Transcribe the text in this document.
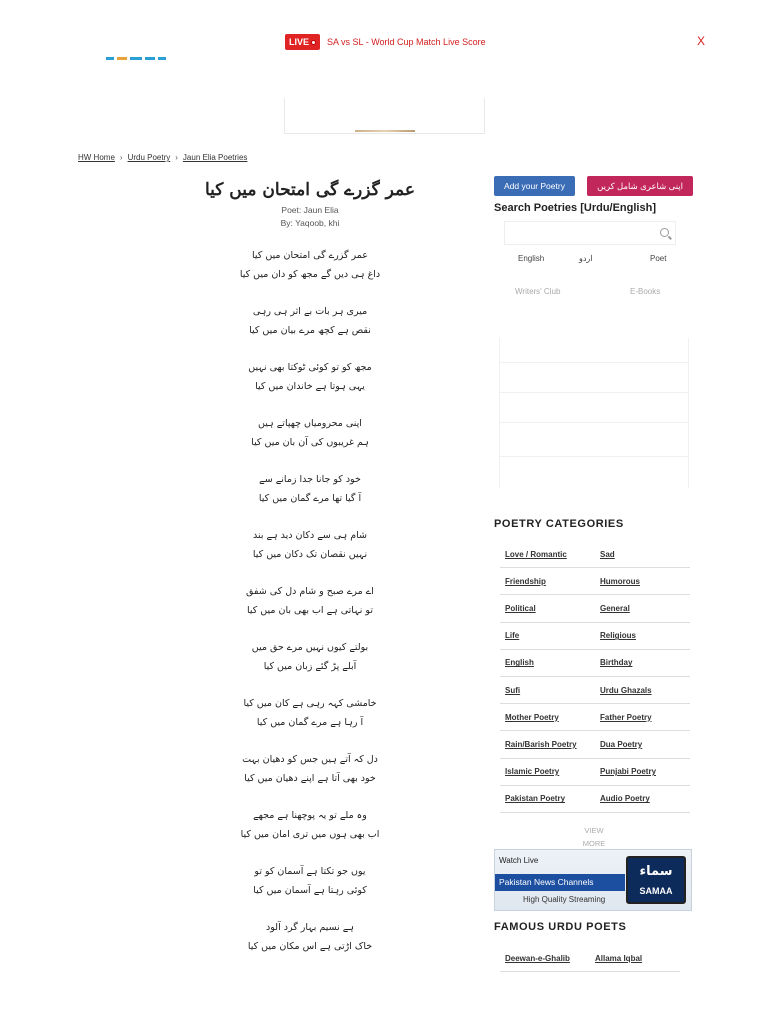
LIVE SA vs SL - World Cup Match Live Score	X
HW Home › Urdu Poetry › Jaun Elia Poetries
عمر گزرے گی امتحان میں کیا
Poet: Jaun Elia
By: Yaqoob, khi
عمر گزرے گی امتحان میں کیا
داغ ہی دیں گے مجھ کو دان میں کیا
میری ہر بات بے اثر ہی رہی
نقص ہے کچھ مرے بیان میں کیا
مجھ کو تو کوئی ٹوکتا بھی نہیں
یہی ہوتا ہے خاندان میں کیا
اپنی محرومیاں چھپاتے ہیں
ہم غریبوں کی آن بان میں کیا
خود کو جانا جدا زمانے سے
آ گیا تھا مرے گمان میں کیا
شام ہی سے دکان دید ہے بند
نہیں نقصان تک دکان میں کیا
اے مرے صبح و شام دل کی شفق
تو نہاتی ہے اب بھی بان میں کیا
بولتے کیوں نہیں مرے حق میں
آبلے پڑ گئے زبان میں کیا
خامشی کہہ رہی ہے کان میں کیا
آ رہا ہے مرے گمان میں کیا
دل کہ آتے ہیں جس کو دھیان بہت
خود بھی آتا ہے اپنے دھیان میں کیا
وہ ملے تو یہ پوچھنا ہے مجھے
اب بھی ہوں میں تری امان میں کیا
یوں جو تکتا ہے آسمان کو تو
کوئی رہتا ہے آسمان میں کیا
ہے نسیم بہار گرد آلود
خاک اڑتی ہے اس مکان میں کیا
Add your Poetry	اپنی شاعری شامل کریں
Search Poetries [Urdu/English]
English	اردو	Poet
Writers' Club	E-Books
POETRY CATEGORIES
Love / Romantic	Sad
Friendship	Humorous
Political	General
Life	Religious
English	Birthday
Sufi	Urdu Ghazals
Mother Poetry	Father Poetry
Rain/Barish Poetry	Dua Poetry
Islamic Poetry	Punjabi Poetry
Pakistan Poetry	Audio Poetry
VIEW
MORE
Watch Live
Pakistan News Channels
High Quality Streaming
سماء
SAMAA
FAMOUS URDU POETS
Deewan-e-Ghalib	Allama Iqbal
